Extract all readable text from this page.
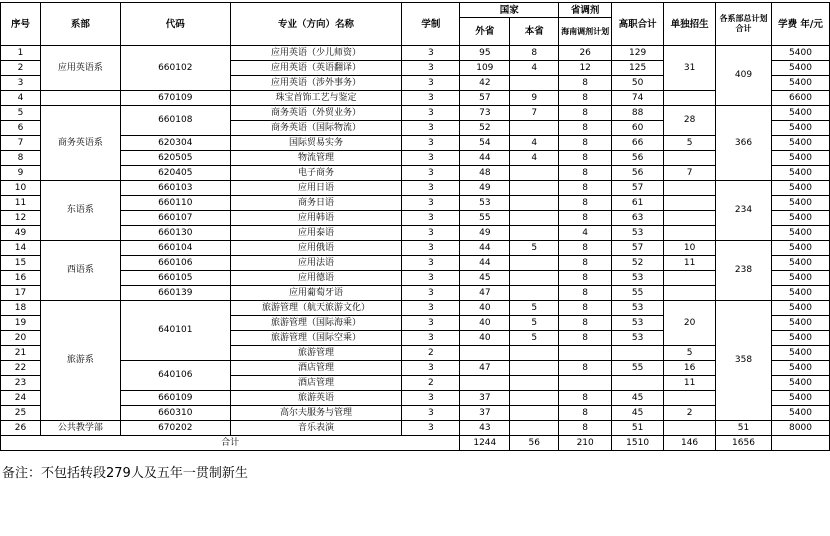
序号	系部	代码	专业（方向）名称	学制	国家		省调剂	高职合计	单独招生	各系部总计划合计	学费 年/元
					外省	本省	海南调剂计划				

1	应用英语系	660102	应用英语（少儿师资）	3	95	8	26	129	31	409	5400
2			应用英语（英语翻译）	3	109	4	12	125			5400
3			应用英语（涉外事务）	3	42		8	50			5400
4		670109	珠宝首饰工艺与鉴定	3	57	9	8	74			6600
5	商务英语系	660108	商务英语（外贸业务）	3	73	7	8	88	28	366	5400
6			商务英语（国际物流）	3	52		8	60			5400
7		620304	国际贸易实务	3	54	4	8	66	5		5400
8		620505	物流管理	3	44	4	8	56			5400
9		620405	电子商务	3	48		8	56	7		5400
10	东语系	660103	应用日语	3	49		8	57		234	5400
11		660110	商务日语	3	53		8	61			5400
12		660107	应用韩语	3	55		8	63			5400
49		660130	应用泰语	3	49		4	53			5400
14	西语系	660104	应用俄语	3	44	5	8	57	10	238	5400
15		660106	应用法语	3	44		8	52	11		5400
16		660105	应用德语	3	45		8	53			5400
17		660139	应用葡萄牙语	3	47		8	55			5400
18	旅游系	640101	旅游管理（航天旅游文化）	3	40	5	8	53	20	358	5400
19			旅游管理（国际海乘）	3	40	5	8	53			5400
20			旅游管理（国际空乘）	3	40	5	8	53			5400
21			旅游管理	2					5		5400
22		640106	酒店管理	3	47		8	55	16		5400
23			酒店管理	2					11		5400
24		660109	旅游英语	3	37		8	45			5400
25		660310	高尔夫服务与管理	3	37		8	45	2		5400
26	公共教学部	670202	音乐表演	3	43		8	51		51	8000
合计					1244	56	210	1510	146	1656	
备注：不包括转段279人及五年一贯制新生
